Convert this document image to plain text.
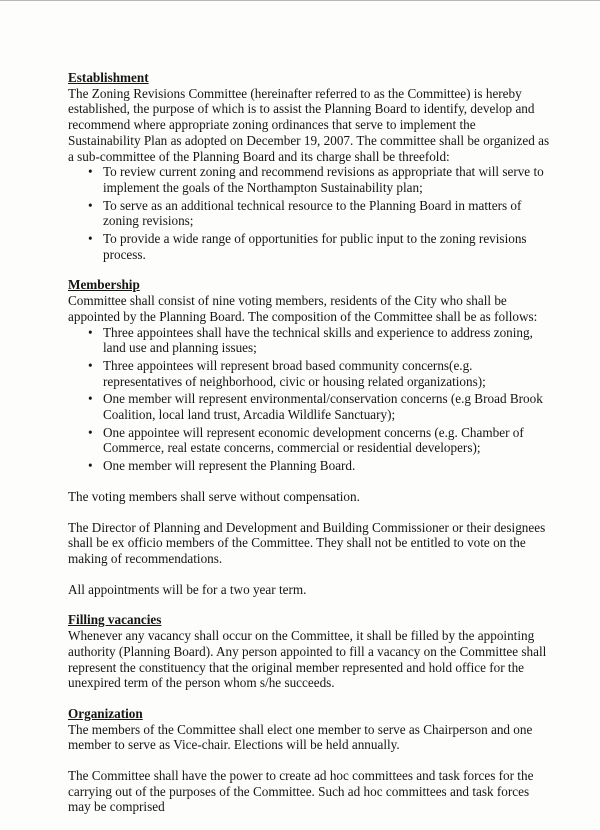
Establishment

The Zoning Revisions Committee (hereinafter referred to as the Committee) is hereby established, the purpose of which is to assist the Planning Board to identify, develop and recommend where appropriate zoning ordinances that serve to implement the Sustainability Plan as adopted on December 19, 2007. The committee shall be organized as a sub-committee of the Planning Board and its charge shall be threefold:

• To review current zoning and recommend revisions as appropriate that will serve to implement the goals of the Northampton Sustainability plan;
• To serve as an additional technical resource to the Planning Board in matters of zoning revisions;
• To provide a wide range of opportunities for public input to the zoning revisions process.

Membership

Committee shall consist of nine voting members, residents of the City who shall be appointed by the Planning Board. The composition of the Committee shall be as follows:

• Three appointees shall have the technical skills and experience to address zoning, land use and planning issues;
• Three appointees will represent broad based community concerns(e.g. representatives of neighborhood, civic or housing related organizations);
• One member will represent environmental/conservation concerns (e.g Broad Brook Coalition, local land trust, Arcadia Wildlife Sanctuary);
• One appointee will represent economic development concerns (e.g. Chamber of Commerce, real estate concerns, commercial or residential developers);
• One member will represent the Planning Board.

The voting members shall serve without compensation.

The Director of Planning and Development and Building Commissioner or their designees shall be ex officio members of the Committee. They shall not be entitled to vote on the making of recommendations.

All appointments will be for a two year term.

Filling vacancies

Whenever any vacancy shall occur on the Committee, it shall be filled by the appointing authority (Planning Board). Any person appointed to fill a vacancy on the Committee shall represent the constituency that the original member represented and hold office for the unexpired term of the person whom s/he succeeds.

Organization

The members of the Committee shall elect one member to serve as Chairperson and one member to serve as Vice-chair. Elections will be held annually.

The Committee shall have the power to create ad hoc committees and task forces for the carrying out of the purposes of the Committee. Such ad hoc committees and task forces may be comprised
